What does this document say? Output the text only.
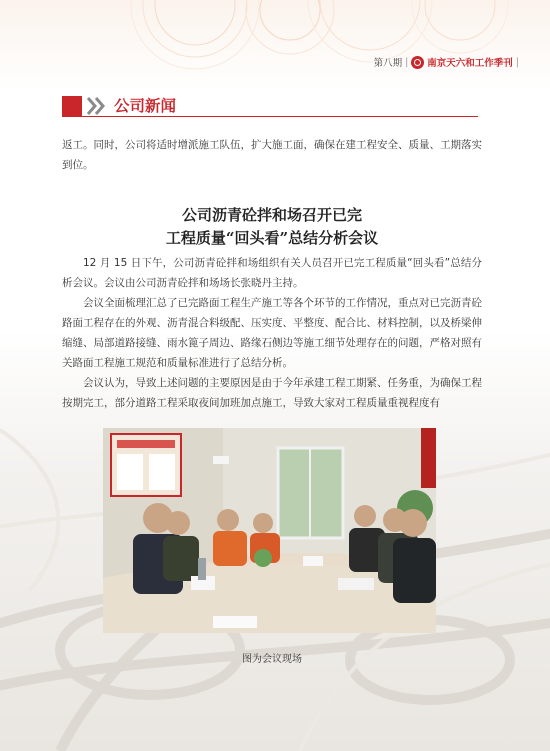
第八期 | 南京天六和工作季刊 |
公司新闻
返工。同时，公司将适时增派施工队伍，扩大施工面，确保在建工程安全、质量、工期落实到位。
公司沥青砼拌和场召开已完
工程质量“回头看”总结分析会议
12 月 15 日下午，公司沥青砼拌和场组织有关人员召开已完工程质量“回头看”总结分析会议。会议由公司沥青砼拌和场场长张晓丹主持。
会议全面梳理汇总了已完路面工程生产施工等各个环节的工作情况，重点对已完沥青砼路面工程存在的外观、沥青混合料级配、压实度、平整度、配合比、材料控制，以及桥梁伸缩缝、局部道路接缝、雨水篦子周边、路缘石侧边等施工细节处理存在的问题，严格对照有关路面工程施工规范和质量标准进行了总结分析。
会议认为，导致上述问题的主要原因是由于今年承建工程工期紧、任务重，为确保工程按期完工，部分道路工程采取夜间加班加点施工，导致大家对工程质量重视程度有
图为会议现场
